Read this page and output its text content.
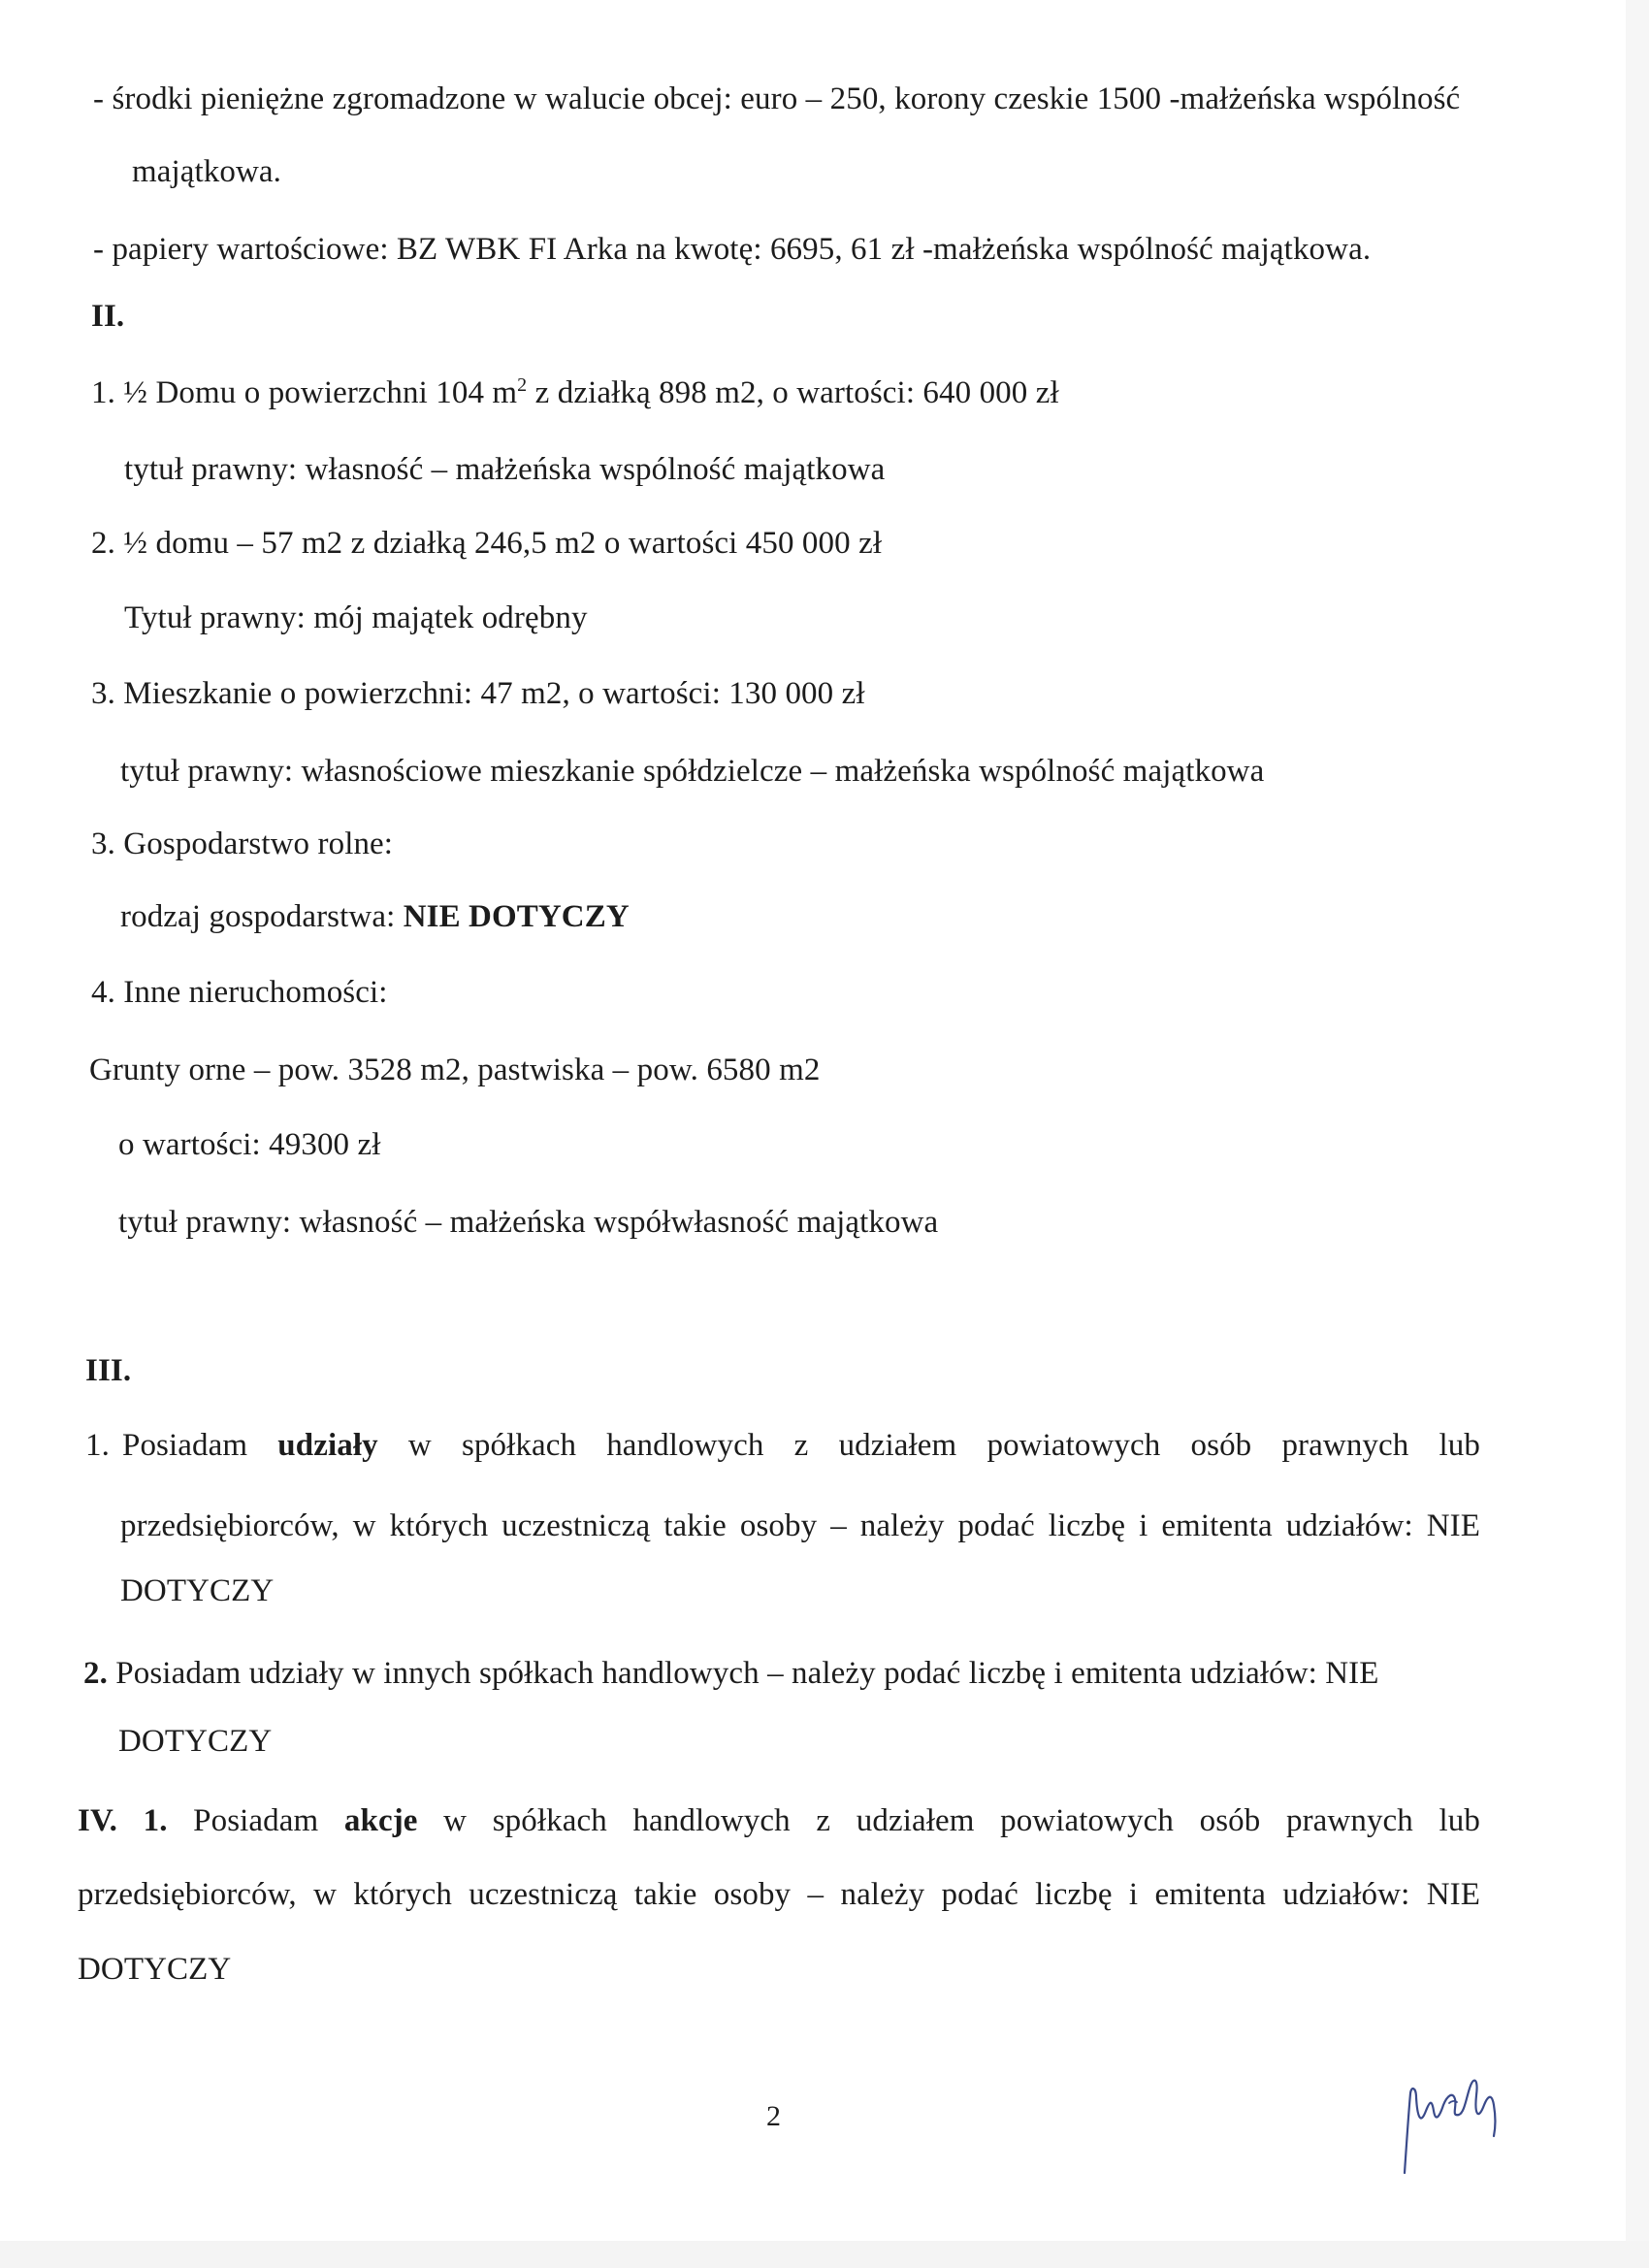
- środki pieniężne zgromadzone w walucie obcej: euro – 250, korony czeskie 1500 -małżeńska wspólność
majątkowa.
- papiery wartościowe: BZ WBK FI Arka na kwotę: 6695, 61 zł -małżeńska wspólność majątkowa.
II.
1. ½ Domu o powierzchni 104 $m^2$ z działką 898 m2, o wartości: 640 000 zł
tytuł prawny: własność – małżeńska wspólność majątkowa
2. ½ domu – 57 m2 z działką 246,5 m2 o wartości 450 000 zł
Tytuł prawny: mój majątek odrębny
3. Mieszkanie o powierzchni: 47 m2, o wartości: 130 000 zł
tytuł prawny: własnościowe mieszkanie spółdzielcze – małżeńska wspólność majątkowa
3. Gospodarstwo rolne:
rodzaj gospodarstwa: NIE DOTYCZY
4. Inne nieruchomości:
Grunty orne – pow. 3528 m2, pastwiska – pow. 6580 m2
o wartości: 49300 zł
tytuł prawny: własność – małżeńska współwłasność majątkowa
III.
1. Posiadam udziały w spółkach handlowych z udziałem powiatowych osób prawnych lub
przedsiębiorców, w których uczestniczą takie osoby – należy podać liczbę i emitenta udziałów: NIE
DOTYCZY
2. Posiadam udziały w innych spółkach handlowych – należy podać liczbę i emitenta udziałów: NIE
DOTYCZY
IV. 1. Posiadam akcje w spółkach handlowych z udziałem powiatowych osób prawnych lub
przedsiębiorców, w których uczestniczą takie osoby – należy podać liczbę i emitenta udziałów: NIE
DOTYCZY
2
